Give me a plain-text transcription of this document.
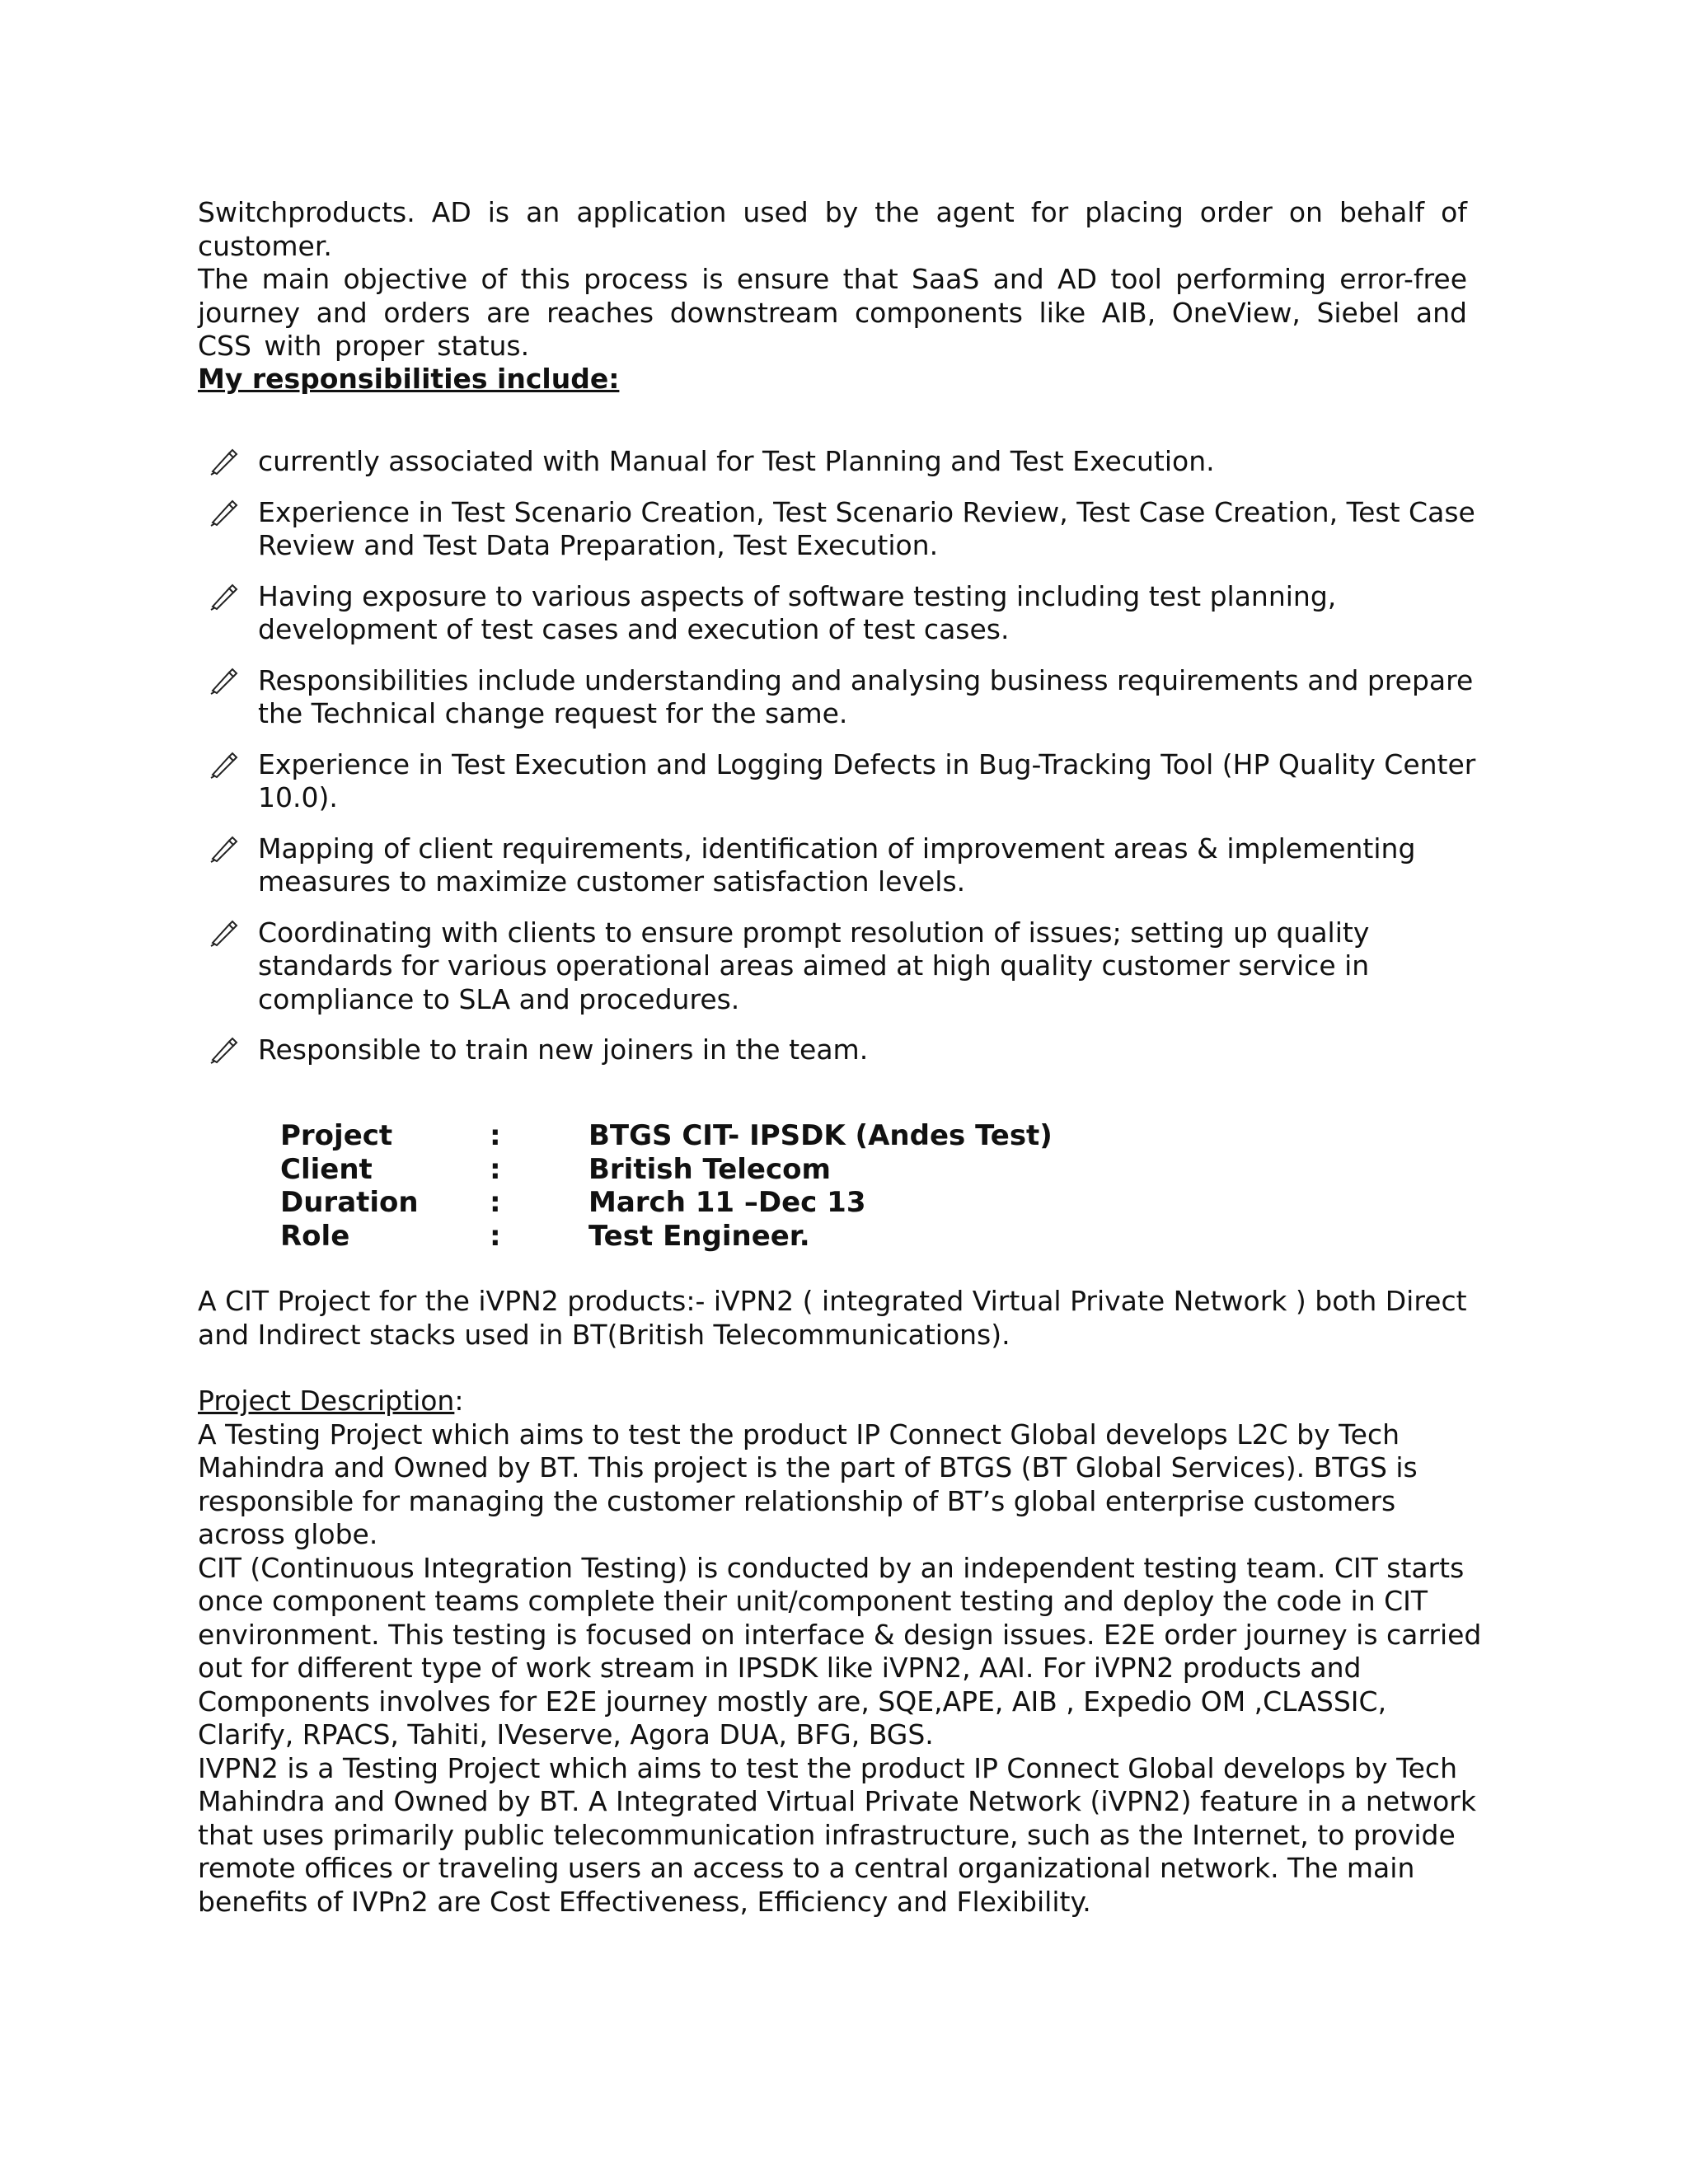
Switchproducts. AD is an application used by the agent for placing order on behalf of customer.

The main objective of this process is ensure that SaaS and AD tool performing error-free journey and orders are reaches downstream components like AIB, OneView, Siebel and CSS with proper status.

My responsibilities include:
currently associated with Manual for Test Planning and Test Execution.
Experience in Test Scenario Creation, Test Scenario Review, Test Case Creation, Test Case Review and Test Data Preparation, Test Execution.
Having exposure to various aspects of software testing including test planning, development of test cases and execution of test cases.
Responsibilities include understanding and analysing business requirements and prepare the Technical change request for the same.
Experience in Test Execution and Logging Defects in Bug-Tracking Tool (HP Quality Center 10.0).
Mapping of client requirements, identification of improvement areas & implementing measures to maximize customer satisfaction levels.
Coordinating with clients to ensure prompt resolution of issues; setting up quality standards for various operational areas aimed at high quality customer service in compliance to SLA and procedures.
Responsible to train new joiners in the team.
Project	:	BTGS CIT- IPSDK (Andes Test)
Client	:	British Telecom
Duration	:	March 11 –Dec 13
Role	:	Test Engineer.

A CIT Project for the iVPN2 products:- iVPN2 ( integrated Virtual Private Network ) both Direct and Indirect stacks used in BT(British Telecommunications).

Project Description:

A Testing Project which aims to test the product IP Connect Global develops L2C by Tech Mahindra and Owned by BT. This project is the part of BTGS (BT Global Services). BTGS is responsible for managing the customer relationship of BT’s global enterprise customers across globe.

CIT (Continuous Integration Testing) is conducted by an independent testing team. CIT starts once component teams complete their unit/component testing and deploy the code in CIT environment. This testing is focused on interface & design issues. E2E order journey is carried out for different type of work stream in IPSDK like iVPN2, AAI. For iVPN2 products and Components involves for E2E journey mostly are, SQE,APE, AIB , Expedio OM ,CLASSIC, Clarify, RPACS, Tahiti, IVeserve, Agora DUA, BFG, BGS.

IVPN2 is a Testing Project which aims to test the product IP Connect Global develops by Tech Mahindra and Owned by BT. A Integrated Virtual Private Network (iVPN2) feature in a network that uses primarily public telecommunication infrastructure, such as the Internet, to provide remote offices or traveling users an access to a central organizational network. The main benefits of IVPn2 are Cost Effectiveness, Efficiency and Flexibility.
